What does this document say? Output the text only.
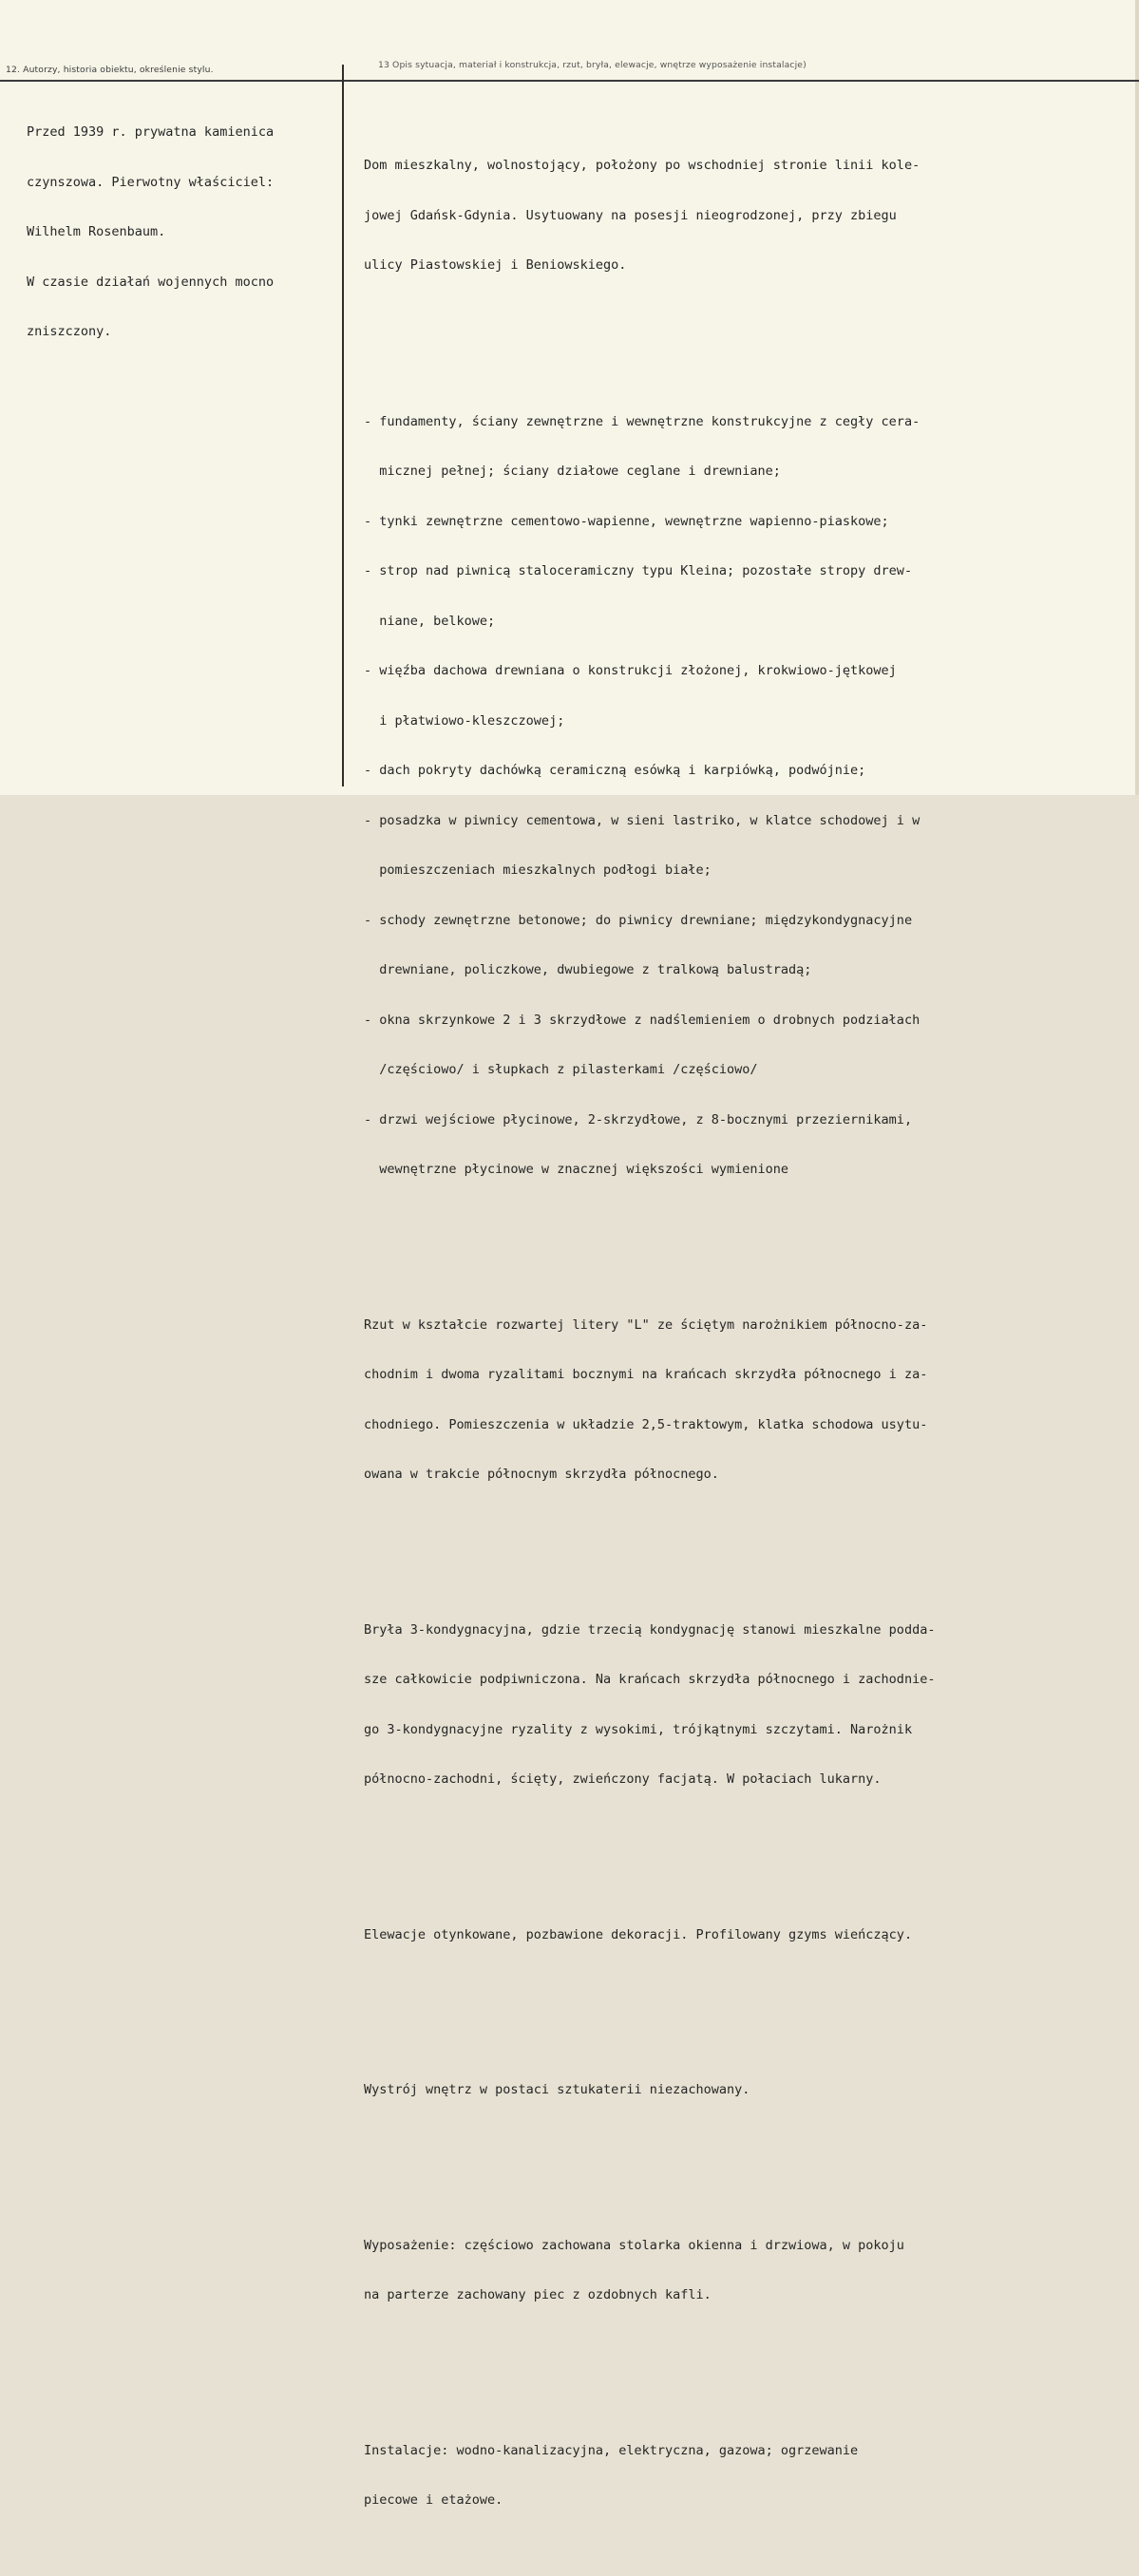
12. Autorzy, historia obiektu, określenie stylu.	13 Opis sytuacja, materiał i konstrukcja, rzut, bryła, elewacje, wnętrze wyposażenie instalacje)

Przed 1939 r. prywatna kamienica

czynszowa. Pierwotny właściciel:

Wilhelm Rosenbaum.

W czasie działań wojennych mocno

zniszczony.

Dom mieszkalny, wolnostojący, położony po wschodniej stronie linii kole-

jowej Gdańsk-Gdynia. Usytuowany na posesji nieogrodzonej, przy zbiegu

ulicy Piastowskiej i Beniowskiego.

- fundamenty, ściany zewnętrzne i wewnętrzne konstrukcyjne z cegły cera-

micznej pełnej; ściany działowe ceglane i drewniane;

- tynki zewnętrzne cementowo-wapienne, wewnętrzne wapienno-piaskowe;

- strop nad piwnicą staloceramiczny typu Kleina; pozostałe stropy drew-

niane, belkowe;

- więźba dachowa drewniana o konstrukcji złożonej, krokwiowo-jętkowej

i płatwiowo-kleszczowej;

- dach pokryty dachówką ceramiczną esówką i karpiówką, podwójnie;

- posadzka w piwnicy cementowa, w sieni lastriko, w klatce schodowej i w

pomieszczeniach mieszkalnych podłogi białe;

- schody zewnętrzne betonowe; do piwnicy drewniane; międzykondygnacyjne

drewniane, policzkowe, dwubiegowe z tralkową balustradą;

- okna skrzynkowe 2 i 3 skrzydłowe z nadślemieniem o drobnych podziałach

/częściowo/ i słupkach z pilasterkami /częściowo/

- drzwi wejściowe płycinowe, 2-skrzydłowe, z 8-bocznymi przeziernikami,

wewnętrzne płycinowe w znacznej większości wymienione

Rzut w kształcie rozwartej litery "L" ze ściętym narożnikiem północno-za-

chodnim i dwoma ryzalitami bocznymi na krańcach skrzydła północnego i za-

chodniego. Pomieszczenia w układzie 2,5-traktowym, klatka schodowa usytu-

owana w trakcie północnym skrzydła północnego.

Bryła 3-kondygnacyjna, gdzie trzecią kondygnację stanowi mieszkalne podda-

sze całkowicie podpiwniczona. Na krańcach skrzydła północnego i zachodnie-

go 3-kondygnacyjne ryzality z wysokimi, trójkątnymi szczytami. Narożnik

północno-zachodni, ścięty, zwieńczony facjatą. W połaciach lukarny.

Elewacje otynkowane, pozbawione dekoracji. Profilowany gzyms wieńczący.

Wystrój wnętrz w postaci sztukaterii niezachowany.

Wyposażenie: częściowo zachowana stolarka okienna i drzwiowa, w pokoju

na parterze zachowany piec z ozdobnych kafli.

Instalacje: wodno-kanalizacyjna, elektryczna, gazowa; ogrzewanie

piecowe i etażowe.
